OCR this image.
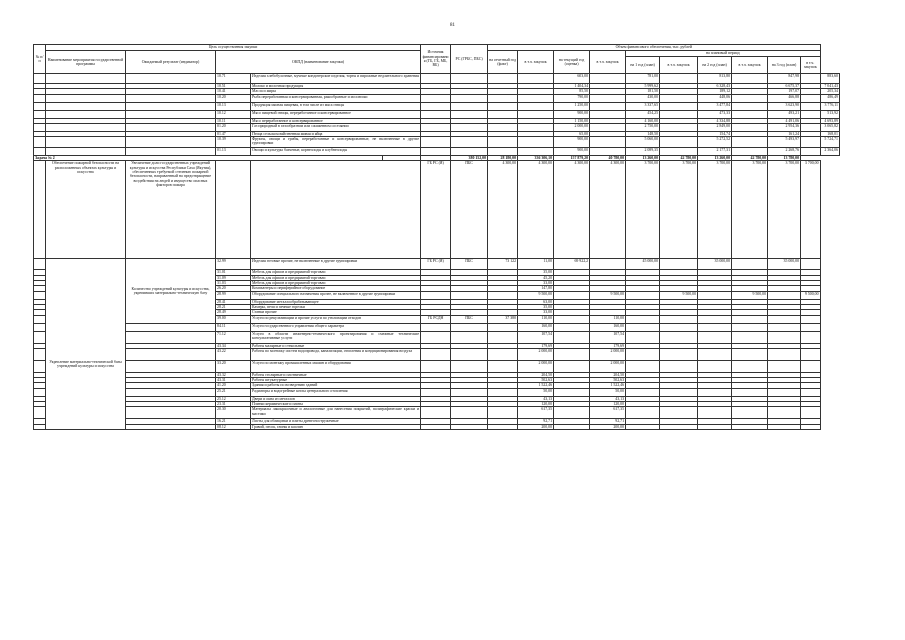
81
№ п/п	Цель осуществления закупки					Источник финансирования (ГБ, ГБ, МБ, ВБ)	РС (ГРБС, ПБС)	Объем финансового обеспечения, тыс. рублей										
	Наименование мероприятия государственной программы	Ожидаемый результат (индикатор)	ОКПД (наименование закупки)					на отчетный год (факт)	в т.ч. закупок	на текущий год (оценка)	в т.ч. закупок	на плановый период						
												на 1 год (план)	в т.ч. закупок	на 2 год (план)	в т.ч. закупок	на 3 год (план)	в т.ч. закупок	
			10.71	Изделия хлебобулочные, мучные кондитерские изделия, торты и пирожные недлительного хранения						603,00		781,00		813,80		847,98		883,60
			10.51	Молоко и молочная продукция						1 404,34		5 999,62		6 328,43		6 675,37		7 041,43
			10.41	Масла и жиры						85,50		181,50		189,12		197,07		205,34
			10.20	Рыба переработанная и консервированная, ракообразные и моллюски						790,00		430,00		448,06		466,88		486,49
			10.13	Продукция мясная пищевая, в том числе из мяса птицы						1 250,00		3 337,65		3 477,84		3 623,90		3 776,11
			10.12	Мясо пищевой птицы, переработанное и консервированное						900,00		454,25		473,33		493,21		513,92
			10.11	Мясо переработанное и консервированное						1 150,00		4 160,00		4 334,88		4 491,06		4 693,89
			01.20	Газ природный в газообразном или сжиженном состоянии						2 000,00		2 750,00		2 849,00		2 954,36		3 065,82
			01.47	Птица сельскохозяйственная живая и яйца						65,00		148,50		154,74		161,24		168,01
			10.39	Фрукты, овощи и грибы, переработанные и консервированные, не включенные в другие группировки						900,00		5 060,00		5 272,52		5 493,97		5 724,71
			01.13	Овощи и культуры бахчевые, корнеплоды и клубнеплоды						900,00		2 089,35		2 177,31		2 268,76		2 364,06
Задача № 2							380 152,00	28 180,00	336 306,10	157 879,20	40 780,00	13 260,00	42 780,00	13 260,00	42 780,00	13 780,00		
	Обеспечение пожарной безопасности на расположенных объектах культуры и искусства	Увеличение доли государственных учреждений культуры и искусства Республики Саха (Якутия), обеспеченных требуемой степенью пожарной безопасности, направленный на предотвращение воздействия на людей и имущество опасных факторов пожара				ГБ РС (Я)	ПБС	4 300,00	4 300,00	4 300,00	4 300,00	3 700,00	3 700,00	3 700,00	3 700,00	3 700,00	3 700,00	

	Укрепление материально-технической базы учреждений культуры и искусства	Количество учреждений культуры и искусства, укрепивших материально-техническую базу	32.99	Изделия готовые прочие, не включенные в другие группировки		ГБ РС (Я)	ПБС	73 122	11,00	69 922,2		45 000,00		35 000,00		35 000,00		
			31.01	Мебель для офисов и предприятий торговли					35,00									
			31.09	Мебель для офисов и предприятий торговли					45,20									
			31.03	Мебель для офисов и предприятий торговли					33,00									
			26.20	Компьютеры и периферийное оборудование					147,80									
			28.99	Оборудование специального назначения прочее, не включенное в другие группировки					9 500,00		9 500,00		9 500,00		9 500,00		9 500,00	
			28.41	Оборудование металлообрабатывающее					63,00									
			28.21	Камеры, печи и печные горелки					35,00									
			28.49	Станки прочие					33,00									
			39.00	Услуги по рекультивации и прочие услуги по утилизации отходов		ГБ РСДН	ПБС	37 380	110,00		110,00							
			84.11	Услуги государственного управления общего характера					160,00		160,00							
			71.12	Услуги в области инженерно-технического проектирования и смежные технические консультативные услуги					107,54		107,54							
			43.34	Работы малярные и стекольные					179,69		179,69							
			43.22	Работы по монтажу систем водопровода, канализации, отопления и кондиционирования воздуха					2 000,00		2 000,00							
			33.20	Услуги по монтажу промышленных машин и оборудования					2 000,00		2 000,00							
			43.32	Работы столярные и плотничные					204,50		204,50							
			43.31	Работы штукатурные					502,63		502,63							
			41.20	Здания и работы по возведению зданий					1 522,46		1 522,46							
			25.21	Радиаторы и водогрейные котлы центрального отопления					50,00		50,00							
			25.12	Двери и окна из металлов					43,13		43,13							
			23.31	Плитки керамические и плиты					120,00		120,00							
			20.30	Материалы лакокрасочные и аналогичные для нанесения покрытий, полиграфические краски и мастики					617,35		617,35							
			16.21	Листы для облицовки и плиты древесностружечные					92,71		92,71							
			08.12	Гравий, песок, глины и каолин					200,00		200,00							
